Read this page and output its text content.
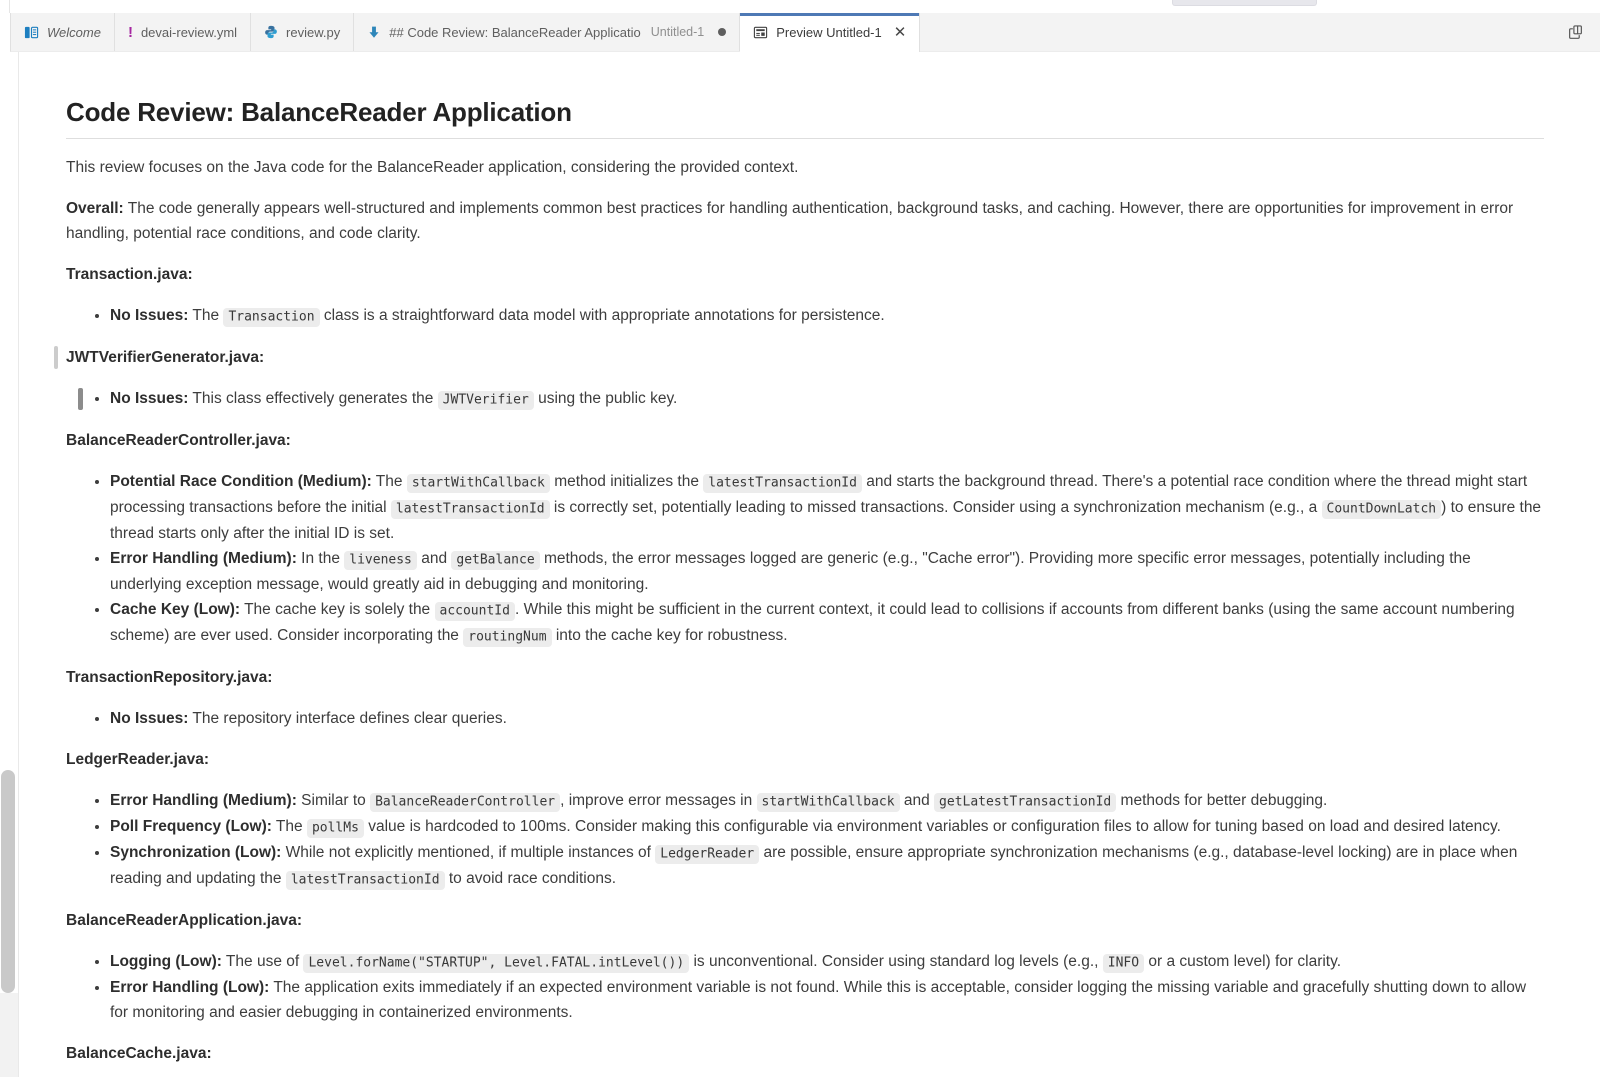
Welcome ! devai-review.yml	review.py	## Code Review: BalanceReader Applicatio Untitled-1	Preview Untitled-1 ✕
Code Review: BalanceReader Application

This review focuses on the Java code for the BalanceReader application, considering the provided context.

Overall: The code generally appears well-structured and implements common best practices for handling authentication, background tasks, and caching. However, there are opportunities for improvement in error handling, potential race conditions, and code clarity.

Transaction.java:

• No Issues: The Transaction class is a straightforward data model with appropriate annotations for persistence.

JWTVerifierGenerator.java:

• No Issues: This class effectively generates the JWTVerifier using the public key.

BalanceReaderController.java:

• Potential Race Condition (Medium): The startWithCallback method initializes the latestTransactionId and starts the background thread. There's a potential race condition where the thread might start processing transactions before the initial latestTransactionId is correctly set, potentially leading to missed transactions. Consider using a synchronization mechanism (e.g., a CountDownLatch ) to ensure the thread starts only after the initial ID is set.
• Error Handling (Medium): In the liveness and getBalance methods, the error messages logged are generic (e.g., "Cache error"). Providing more specific error messages, potentially including the underlying exception message, would greatly aid in debugging and monitoring.
• Cache Key (Low): The cache key is solely the accountId . While this might be sufficient in the current context, it could lead to collisions if accounts from different banks (using the same account numbering scheme) are ever used. Consider incorporating the routingNum into the cache key for robustness.

TransactionRepository.java:

• No Issues: The repository interface defines clear queries.

LedgerReader.java:

• Error Handling (Medium): Similar to BalanceReaderController , improve error messages in startWithCallback and getLatestTransactionId methods for better debugging.
• Poll Frequency (Low): The pollMs value is hardcoded to 100ms. Consider making this configurable via environment variables or configuration files to allow for tuning based on load and desired latency.
• Synchronization (Low): While not explicitly mentioned, if multiple instances of LedgerReader are possible, ensure appropriate synchronization mechanisms (e.g., database-level locking) are in place when reading and updating the latestTransactionId to avoid race conditions.

BalanceReaderApplication.java:

• Logging (Low): The use of Level.forName("STARTUP", Level.FATAL.intLevel()) is unconventional. Consider using standard log levels (e.g., INFO or a custom level) for clarity.
• Error Handling (Low): The application exits immediately if an expected environment variable is not found. While this is acceptable, consider logging the missing variable and gracefully shutting down to allow for monitoring and easier debugging in containerized environments.

BalanceCache.java:
